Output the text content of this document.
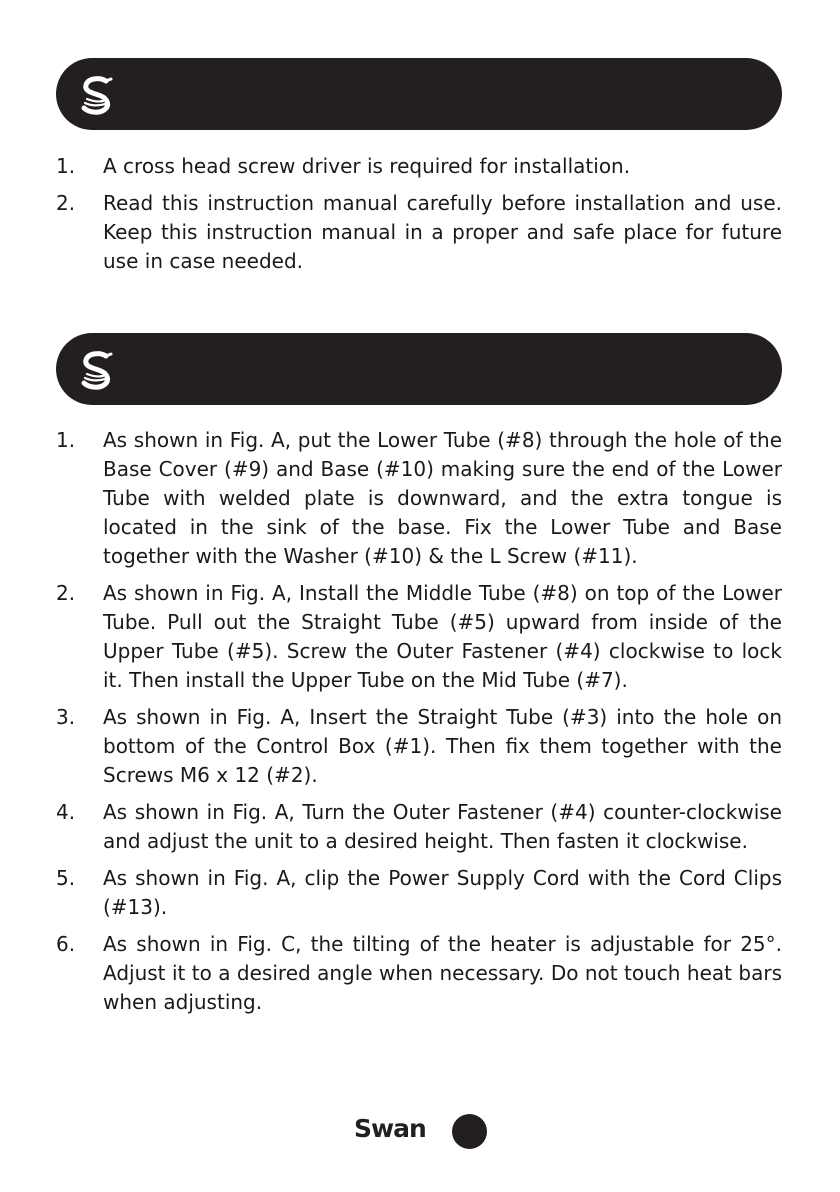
1. A cross head screw driver is required for installation.
2. Read this instruction manual carefully before installation and use. Keep this instruction manual in a proper and safe place for future use in case needed.
1. As shown in Fig. A, put the Lower Tube (#8) through the hole of the Base Cover (#9) and Base (#10) making sure the end of the Lower Tube with welded plate is downward, and the extra tongue is located in the sink of the base. Fix the Lower Tube and Base together with the Washer (#10) & the L Screw (#11).
2. As shown in Fig. A, Install the Middle Tube (#8) on top of the Lower Tube. Pull out the Straight Tube (#5) upward from inside of the Upper Tube (#5). Screw the Outer Fastener (#4) clockwise to lock it. Then install the Upper Tube on the Mid Tube (#7).
3. As shown in Fig. A, Insert the Straight Tube (#3) into the hole on bottom of the Control Box (#1). Then fix them together with the Screws M6 x 12 (#2).
4. As shown in Fig. A, Turn the Outer Fastener (#4) counter-clockwise and adjust the unit to a desired height. Then fasten it clockwise.
5. As shown in Fig. A, clip the Power Supply Cord with the Cord Clips (#13).
6. As shown in Fig. C, the tilting of the heater is adjustable for 25°. Adjust it to a desired angle when necessary. Do not touch heat bars when adjusting.
Swan
